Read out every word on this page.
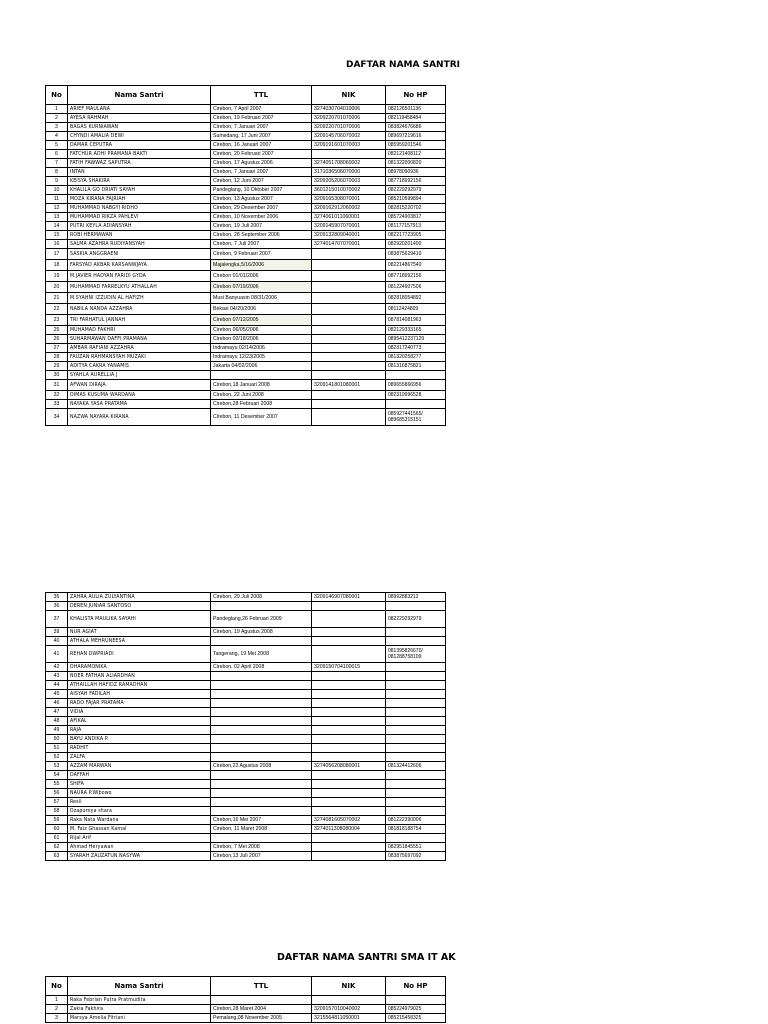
DAFTAR NAMA SANTRI
No	Nama Santri	TTL	NIK	No HP
1	ARIEF MAULANA	Cirebon, 7 April 2007	3274030704010006	082126501136
2	AYESA RAHMAH	Cirebon, 19 Februari 2007	3209220701070006	082119458484
3	BAGAS KURNIAWAN	Cirebon, 7 Januari 2007	3209220701070006	083824676686
4	CHYNDI AMALIA DEWI	Sumedang, 17 Juni 2007	3209145706070002	089697219616
5	DAMAR CEPUTRA	Cirebon, 16 Januari 2007	3209191601070003	085959201546
6	FATCHUR ADHI PRAMANA BAKTI	Cirebon, 20 Februari 2007		082121408112
7	FATIH FAWWAZ SAPUTRA	Cirebon, 17 Agustus 2006	3274051708060002	081322000820
8	INTAN	Cirebon, 7 Januari 2007	3171036506070000	08978090936
9	KEISYA SHAKIRA	Cirebon, 12 Juni 2007	3209205206070003	087718992156
10	KHALILA GO DRIATI SAYAH	Pandeglang, 10 Oktober 2007	3601215010070002	082229292979
11	MOZA KIRANA FAJRIAH	Cirebon, 13 Agustus 2007	3209165308070001	085210599894
12	MUHAMMAD NABGYI RIDHO	Cirebon, 29 Desember 2007	3209162912060002	082815220702
13	MUHAMMAD RIKZA PAHLEVI	Cirebon, 10 November 2006	3274061011060001	085724903817
14	PUTRI KEYLA ADIANSYAH	Cirebon, 19 Juli 2007	3209145907070001	081177157913
15	ROBI HERMAWAN	Cirebon, 28 September 2006	3209132809040001	082217723905
16	SALMA AZAHRA RUDIYANSYAH	Cirebon, 7 Juli 2007	3274014707070001	082920201400
17	SASKIA ANGGRAENI	Cirebon, 9 Februari 2007		083875629410
18	FARSYAD AKBAR KARSANWJAYA	Majalengka,5/16/2006		082214867540
19	M.JAVIER HADYAN FARIDI GYDA	Cirebon 01/01/2006		087718992156
20	MUHAMMAD FARRELKYU ATHALLAH	Cirebon 07/19/2006		081224907506
21	M.SYAHNI IZZUDIN AL HAFIZH	Musi Banyuasin 08/31/2006		082818054892
22	NABILA NANDA AZZAHRA	Bekasi 04/20/2006		08112424809
23	TRI FARHATUL JANNAH	Cirebon 07/12/2005		087814081963
25	MUHAMAD FAKHRI	Cirebon 06/05/2006		082129333165
26	SUHARMAWAN DAFFI PRAMANA	Cirebon 02/18/2006		0895412237129
27	AMBAR RAFIANI AZZAHRA	Indramayu 02/14/2006		082317240773
28	FAUZAN RAHMANSYAH MUZAKI	Indramayu 12/23/2005		081320258277
29	ADITYA CAKRA YANAMIS	Jakarta 04/02/2006		081316875821
30	SYAHLA AURELLIA J			
31	AFWAN DIRAJA	Cirebon,18 Januari 2008	3209141801080001	089655866956
32	DIMAS KUSUMA WARDANA	Cirebon, 22 Juni 2008		082319996528
33	NAYAKA YASA PRATAMA	Cirebon,28 Februari 2008		
34	NAZWA NAYARA KIRANA	Cirebon, 11 Desember 2007		085927441565/
089685315151
35	ZAHRA AULIA ZULYANTINA	Cirebon, 29 Juli 2008	3209146907080001	08992883212
36	DEREN JUNIAR SANTOSO			
37	KHALISTA MAULIKA SAYAHI	Pandeglang,26 Februari 2009		082229292979
39	NUR AGIAT	Cirebon, 19 Agustus 2008		
40	ATHALA MEHRUNEESA			
41	REHAN DWPRIADI	Tangerang, 19 Mei 2008		081395826670/
081288758109
42	DHARAMONIKA	Cirebon, 02 April 2008	3209150704100015	
43	NOER FATHAN ALIARDHAN			
44	ATHAILLAH HAFIDZ RAMADHAN			
45	AISYAH FADILAH			
46	RADO FAJAR PRATAMA			
47	VIDIA			
48	AFIKAL			
49	RAJA			
50	BAYU ANDIKA P.			
51	RADHIT			
52	ZALFA			
53	AZZAM MARWAN	Cirebon,22 Agustus 2008	3274056208080001	081324412606
54	DAFFAH			
55	SHIFA			
56	NAURA P.Wibowo			
57	Resil			
58	Dzapurnya shara			
59	Raka Nata Wardana	Cirebon,16 Mei 2007	3274081605070002	081222390006
60	M. Faiz Ghassan Kamal	Cirebon, 11 Maret 2008	3274011308080004	081818188754
61	Rijal Arif			
62	Ahmad Heryawan	Cirebon, 7 Mei 2008		082951845551
63	SYARAH ZAUZATUN NASYWA	Cirebon,13 Juli 2007		083875697092
DAFTAR NAMA SANTRI SMA IT AK
No	Nama Santri	TTL	NIK	No HP
1	Raka Febrian Putra Pratmudita			
2	Zakia Fakhira	Cirebon,28 Maret 2004	3209157010040002	085224979025
3	Marsya Amelia Fitriani	Pemalang,08 November 2005	3215564811050001	085215458325
